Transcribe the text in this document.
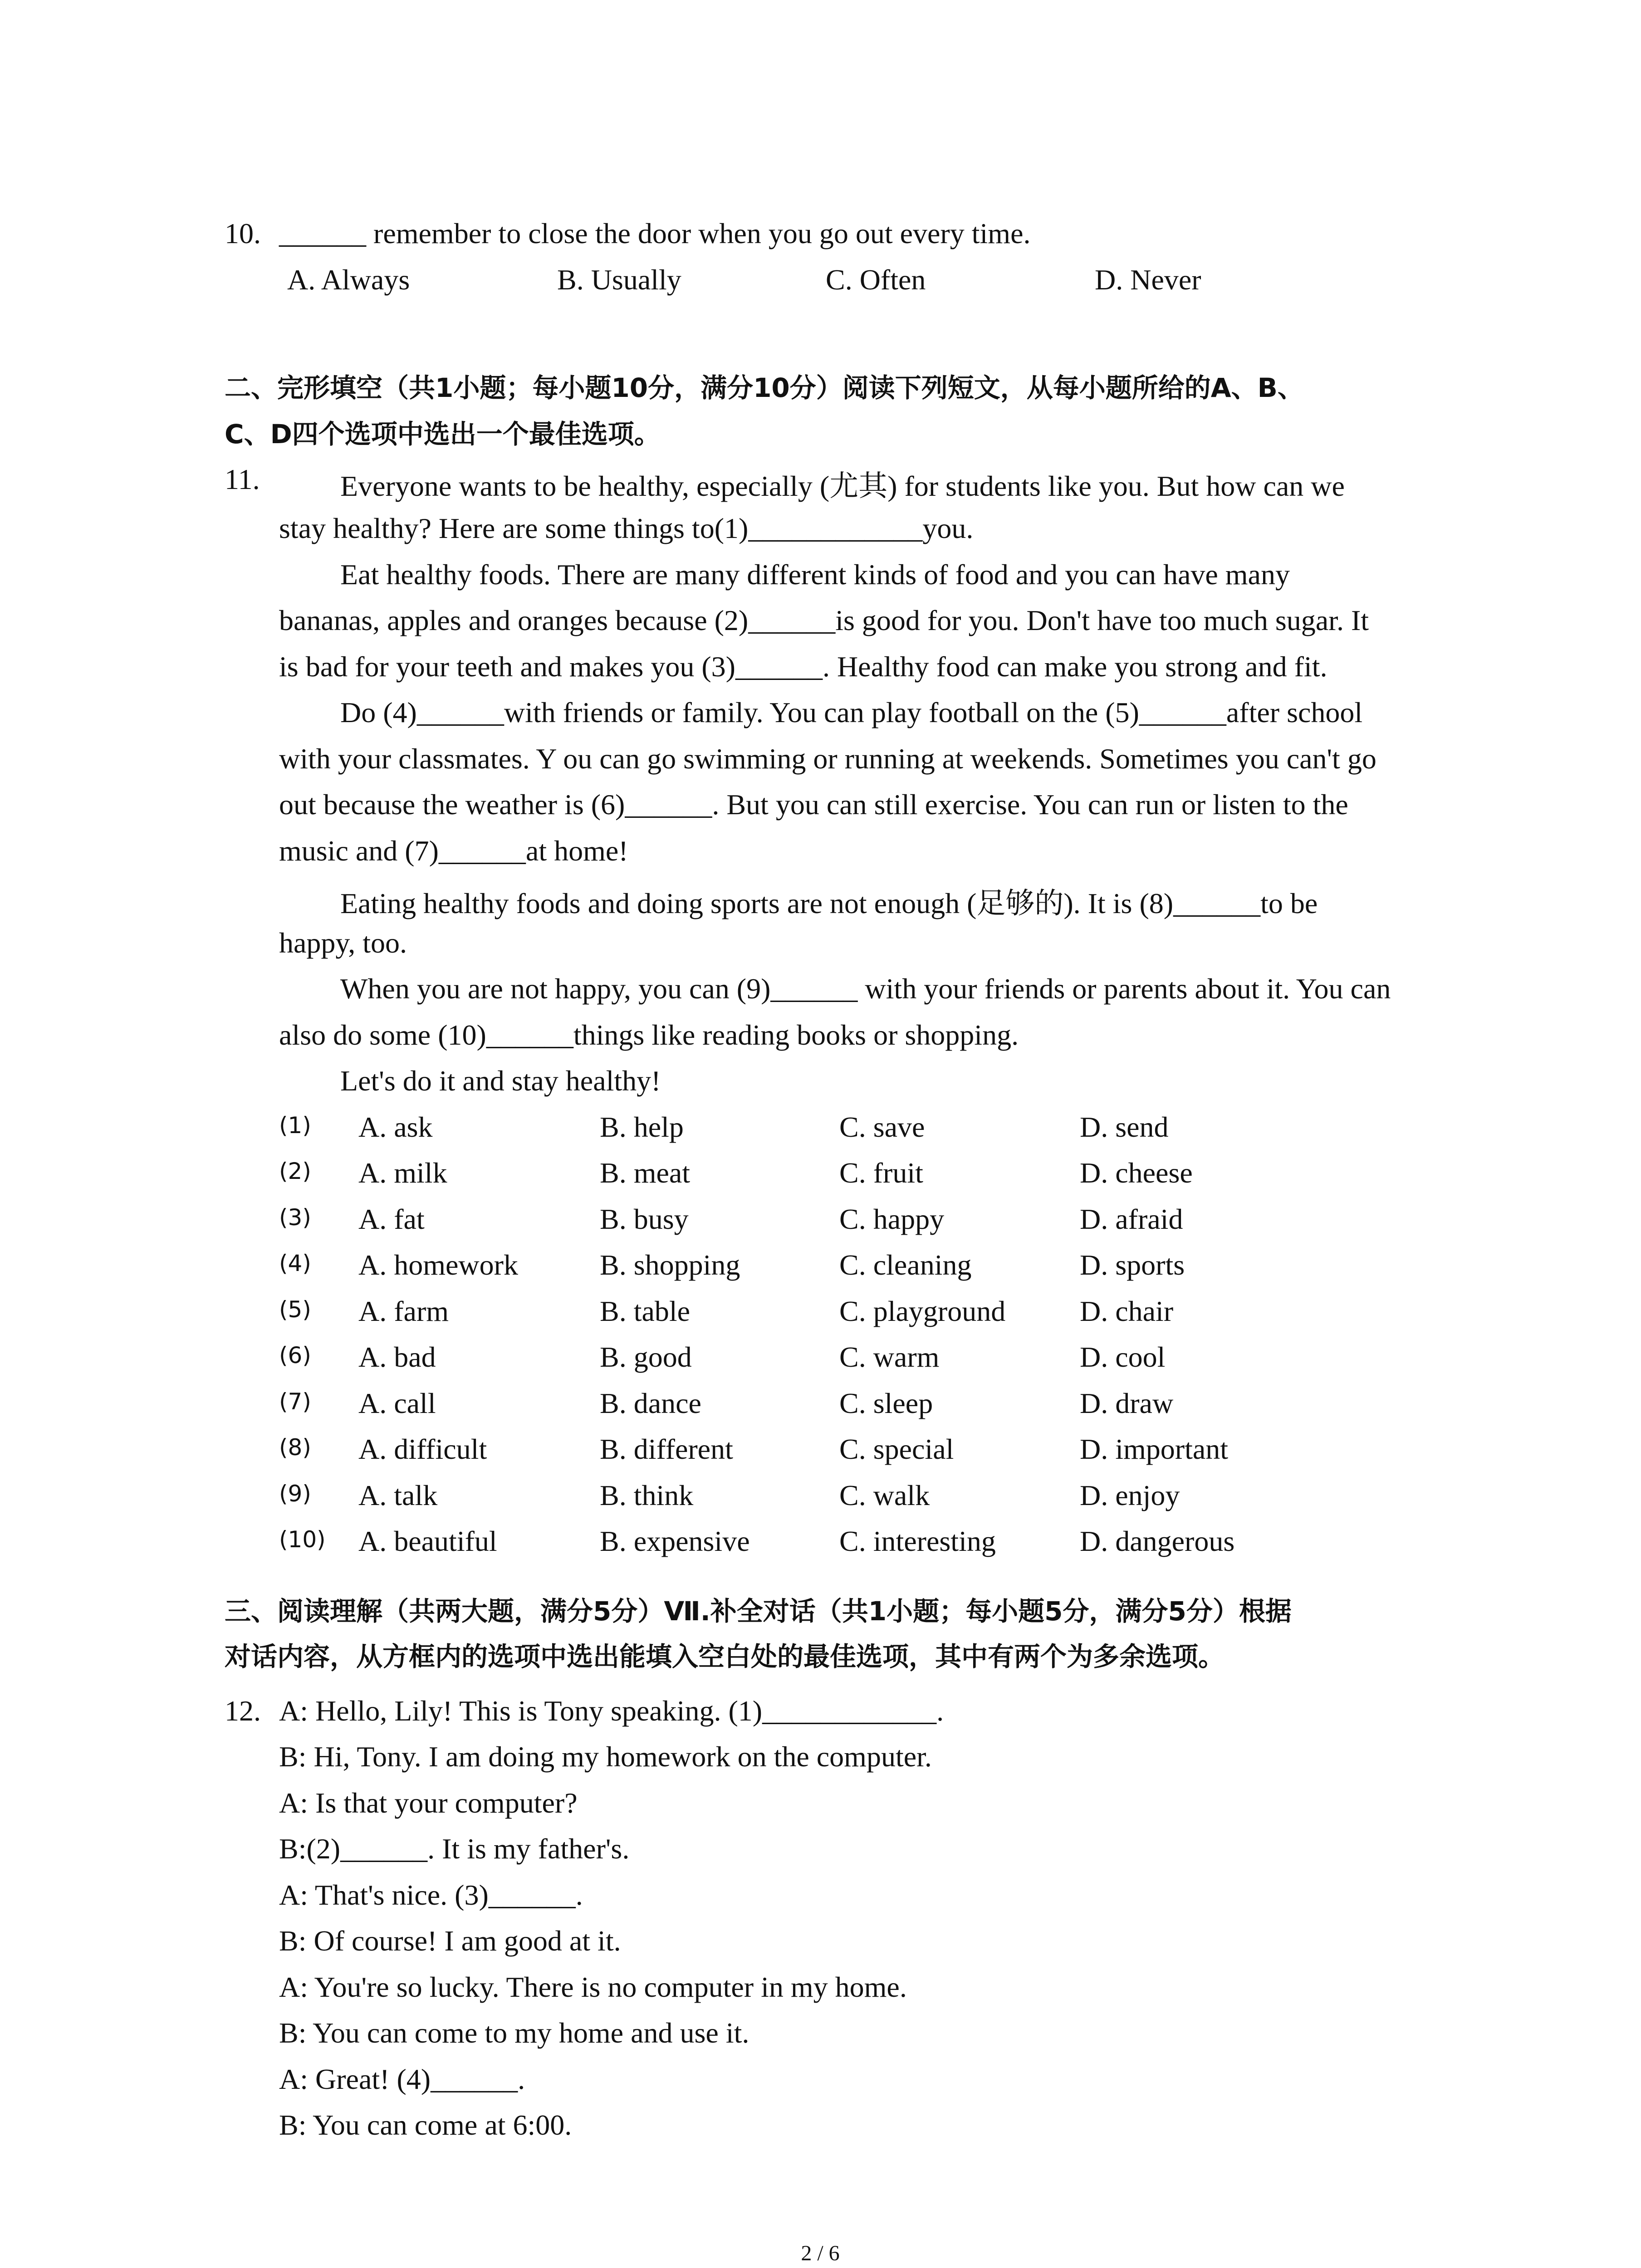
10. ______ remember to close the door when you go out every time.
A. Always	B. Usually	C. Often	D. Never
二、完形填空（共1小题；每小题10分，满分10分）阅读下列短文，从每小题所给的A、B、
C、D四个选项中选出一个最佳选项。
11.	Everyone wants to be healthy, especially (尤其) for students like you. But how can we
stay healthy? Here are some things to(1)____________you.
Eat healthy foods. There are many different kinds of food and you can have many
bananas, apples and oranges because (2)______is good for you. Don't have too much sugar. It
is bad for your teeth and makes you (3)______. Healthy food can make you strong and fit.
Do (4)______with friends or family. You can play football on the (5)______after school
with your classmates. Y ou can go swimming or running at weekends. Sometimes you can't go
out because the weather is (6)______. But you can still exercise. You can run or listen to the
music and (7)______at home!
Eating healthy foods and doing sports are not enough (足够的). It is (8)______to be
happy, too.
When you are not happy, you can (9)______ with your friends or parents about it. You can
also do some (10)______things like reading books or shopping.
Let's do it and stay healthy!
(1) A. ask	B. help	C. save	D. send
(2) A. milk	B. meat	C. fruit	D. cheese
(3) A. fat	B. busy	C. happy	D. afraid
(4) A. homework	B. shopping	C. cleaning	D. sports
(5) A. farm	B. table	C. playground	D. chair
(6) A. bad	B. good	C. warm	D. cool
(7) A. call	B. dance	C. sleep	D. draw
(8) A. difficult	B. different	C. special	D. important
(9) A. talk	B. think	C. walk	D. enjoy
(10) A. beautiful	B. expensive	C. interesting	D. dangerous
三、阅读理解（共两大题，满分5分）Ⅶ.补全对话（共1小题；每小题5分，满分5分）根据
对话内容，从方框内的选项中选出能填入空白处的最佳选项，其中有两个为多余选项。
12. A: Hello, Lily! This is Tony speaking. (1)____________.
B: Hi, Tony. I am doing my homework on the computer.
A: Is that your computer?
B:(2)______. It is my father's.
A: That's nice. (3)______.
B: Of course! I am good at it.
A: You're so lucky. There is no computer in my home.
B: You can come to my home and use it.
A: Great! (4)______.
B: You can come at 6:00.
2 / 6
